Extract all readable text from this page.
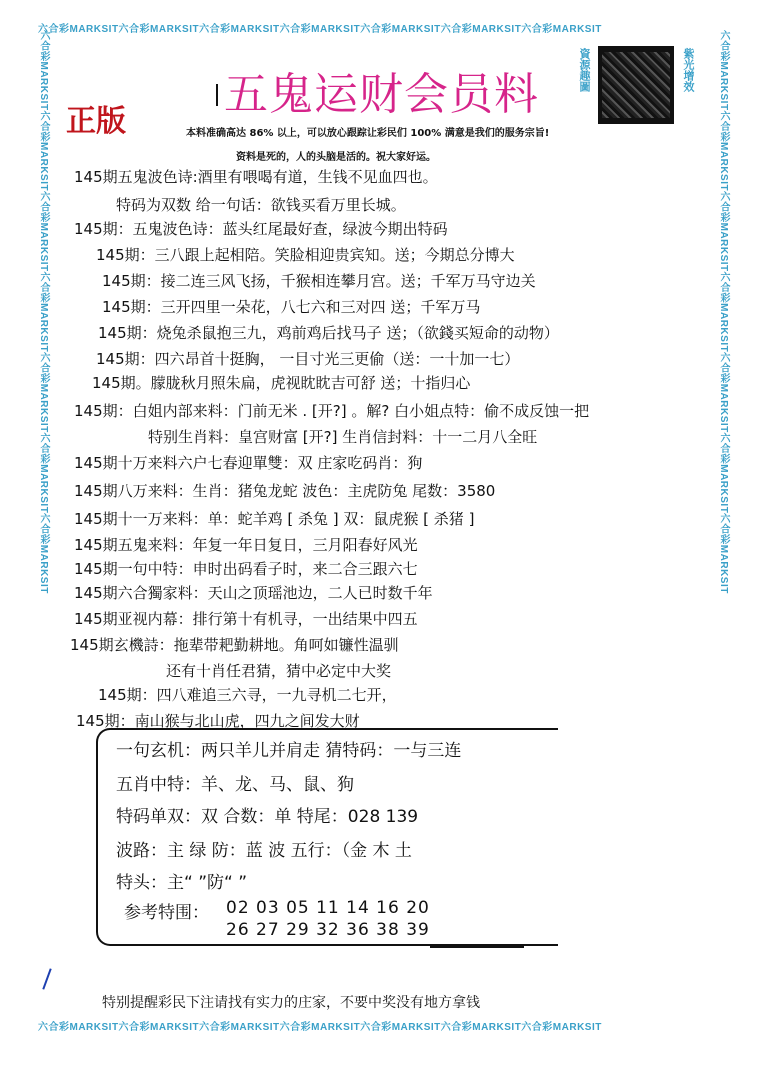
六合彩MARKSIT六合彩MARKSIT六合彩MARKSIT六合彩MARKSIT六合彩MARKSIT六合彩MARKSIT六合彩MARKSIT
六合彩MARKSIT六合彩MARKSIT六合彩MARKSIT六合彩MARKSIT六合彩MARKSIT六合彩MARKSIT六合彩MARKSIT
六合彩MARKSIT六合彩MARKSIT六合彩MARKSIT六合彩MARKSIT六合彩MARKSIT六合彩MARKSIT六合彩MARKSIT	六合彩MARKSIT六合彩MARKSIT六合彩MARKSIT六合彩MARKSIT六合彩MARKSIT六合彩MARKSIT六合彩MARKSIT
五鬼运财会员料
正版
資源趣圖	紫光增效
本料准确高达 86% 以上，可以放心跟踪让彩民们 100% 满意是我们的服务宗旨!
资料是死的，人的头脑是活的。祝大家好运。
145期五鬼波色诗:酒里有喂喝有道，生钱不见血四也。
特码为双数 给一句话：欲钱买看万里长城。
145期：五鬼波色诗：蓝头红尾最好查，绿波今期出特码
145期：三八跟上起相陪。笑脸相迎贵宾知。送；今期总分博大
145期：接二连三风飞扬，千猴相连攀月宫。送；千军万马守边关
145期：三开四里一朵花，八七六和三对四 送；千军万马
145期：烧兔杀鼠抱三九，鸡前鸡后找马子 送；（欲錢买短命的动物）
145期：四六昂首十挺胸， 一目寸光三更偷（送：一十加一七）
145期。朦胧秋月照朱扁，虎视眈眈吉可舒 送；十指归心
145期：白姐内部来料：门前无米 . [开?] 。解? 白小姐点特：偷不成反蚀一把
特别生肖料：皇宫财富 [开?] 生肖信封料：十一二月八全旺
145期十万来料六户七春迎單雙：双 庄家吃码肖：狗
145期八万来料：生肖：猪兔龙蛇 波色：主虎防兔 尾数：3580
145期十一万来料：单：蛇羊鸡 [ 杀兔 ] 双：鼠虎猴 [ 杀猪 ]
145期五鬼来料：年复一年日复日，三月阳春好风光
145期一句中特：申时出码看子时，来二合三跟六七
145期六合獨家料：天山之顶瑶池边，二人已时数千年
145期亚视内幕：排行第十有机寻，一出结果中四五
145期玄機詩：拖辈带耙勤耕地。角呵如镰性温驯
还有十肖任君猜，猜中必定中大奖
145期：四八难追三六寻，一九寻机二七开，
145期：南山猴与北山虎，四九之间发大财
一句玄机：两只羊儿并肩走 猜特码：一与三连
五肖中特：羊、龙、马、鼠、狗
特码单双：双 合数：单 特尾：028 139
波路：主 绿 防：蓝 波 五行：（金 木 土
特头：主“ ”防“ ”
参考特围： 02 03 05 11 14 16 20
26 27 29 32 36 38 39
特别提醒彩民下注请找有实力的庄家，不要中奖没有地方拿钱
